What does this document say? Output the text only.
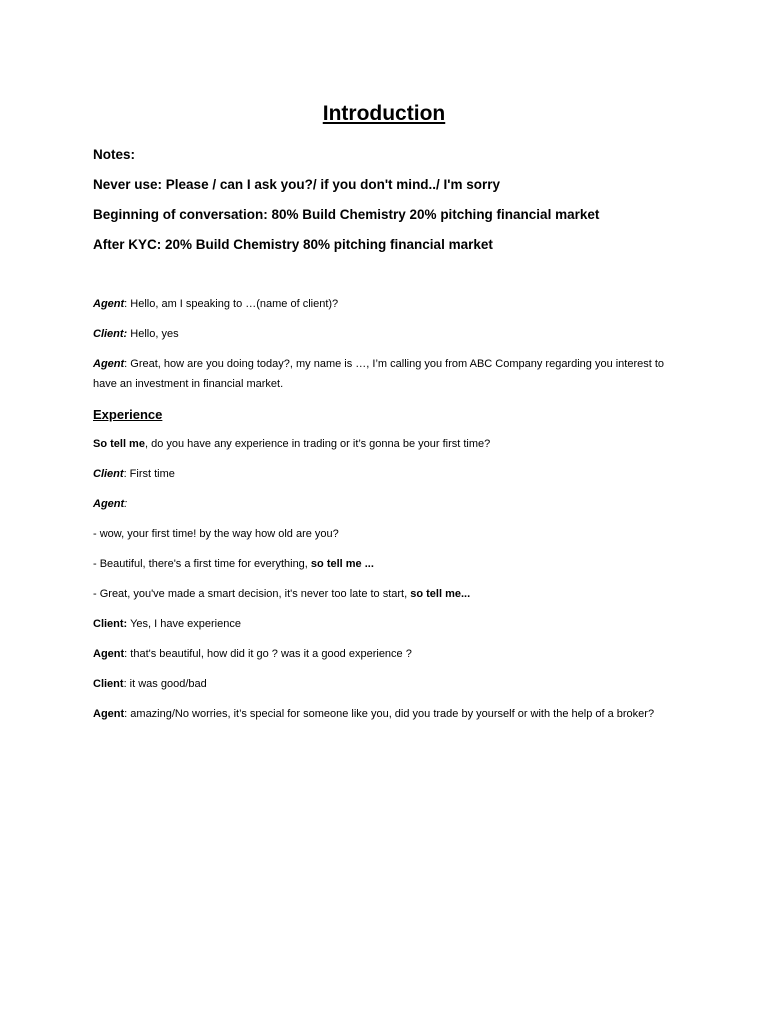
Introduction

Notes:

Never use: Please / can I ask you?/ if you don't mind../ I'm sorry

Beginning of conversation: 80% Build Chemistry 20% pitching financial market

After KYC: 20% Build Chemistry 80% pitching financial market

Agent: Hello, am I speaking to …(name of client)?

Client: Hello, yes

Agent: Great, how are you doing today?, my name is …, I’m calling you from ABC Company regarding you interest to have an investment in financial market.

Experience

So tell me, do you have any experience in trading or it’s gonna be your first time?

Client: First time

Agent:

- wow, your first time! by the way how old are you?

- Beautiful, there's a first time for everything, so tell me ...

- Great, you've made a smart decision, it's never too late to start, so tell me...

Client: Yes, I have experience

Agent: that's beautiful, how did it go ? was it a good experience ?

Client: it was good/bad

Agent: amazing/No worries, it’s special for someone like you, did you trade by yourself or with the help of a broker?
